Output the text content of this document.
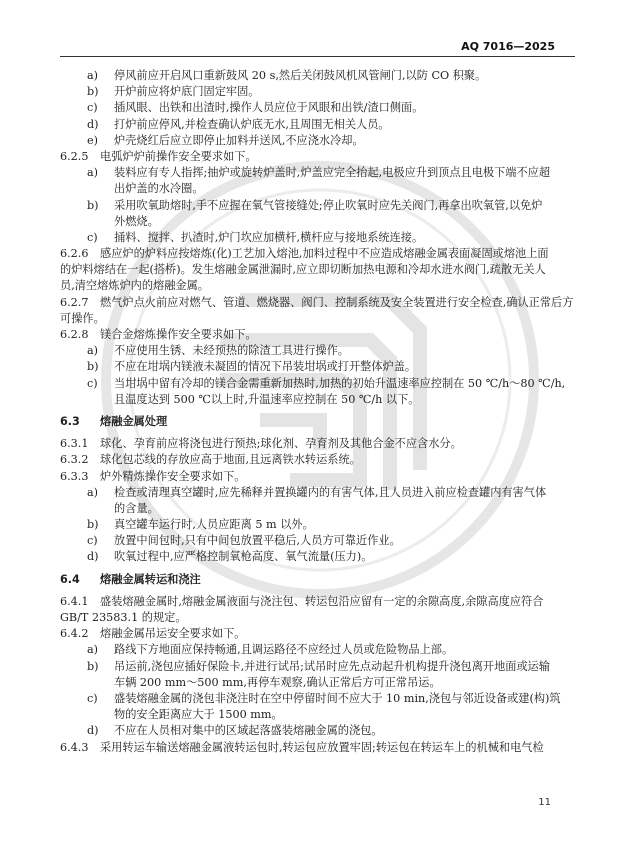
AQ 7016—2025
a) 停风前应开启风口重新鼓风 20 s,然后关闭鼓风机风管闸门,以防 CO 积聚。
b) 开炉前应将炉底门固定牢固。
c) 插风眼、出铁和出渣时,操作人员应位于风眼和出铁/渣口侧面。
d) 打炉前应停风,并检查确认炉底无水,且周围无相关人员。
e) 炉壳烧红后应立即停止加料并送风,不应浇水冷却。
6.2.5 电弧炉炉前操作安全要求如下。
a) 装料应有专人指挥;抽炉或旋转炉盖时,炉盖应完全抬起,电极应升到顶点且电极下端不应超
出炉盖的水冷圈。
b) 采用吹氧助熔时,手不应握在氧气管接缝处;停止吹氧时应先关阀门,再拿出吹氧管,以免炉
外燃烧。
c) 捅料、搅拌、扒渣时,炉门坎应加横杆,横杆应与接地系统连接。
6.2.6 感应炉的炉料应按熔炼(化)工艺加入熔池,加料过程中不应造成熔融金属表面凝固或熔池上面
的炉料熔结在一起(搭桥)。发生熔融金属泄漏时,应立即切断加热电源和冷却水进水阀门,疏散无关人
员,清空熔炼炉内的熔融金属。
6.2.7 燃气炉点火前应对燃气、管道、燃烧器、阀门、控制系统及安全装置进行安全检查,确认正常后方
可操作。
6.2.8 镁合金熔炼操作安全要求如下。
a) 不应使用生锈、未经预热的除渣工具进行操作。
b) 不应在坩埚内镁液未凝固的情况下吊装坩埚或打开整体炉盖。
c) 当坩埚中留有冷却的镁合金需重新加热时,加热的初始升温速率应控制在 50 ℃/h～80 ℃/h,
且温度达到 500 ℃以上时,升温速率应控制在 50 ℃/h 以下。
6.3 熔融金属处理
6.3.1 球化、孕育前应将浇包进行预热;球化剂、孕育剂及其他合金不应含水分。
6.3.2 球化包芯线的存放应高于地面,且远离铁水转运系统。
6.3.3 炉外精炼操作安全要求如下。
a) 检查或清理真空罐时,应先稀释并置换罐内的有害气体,且人员进入前应检查罐内有害气体
的含量。
b) 真空罐车运行时,人员应距离 5 m 以外。
c) 放置中间包时,只有中间包放置平稳后,人员方可靠近作业。
d) 吹氧过程中,应严格控制氧枪高度、氧气流量(压力)。
6.4 熔融金属转运和浇注
6.4.1 盛装熔融金属时,熔融金属液面与浇注包、转运包沿应留有一定的余隙高度,余隙高度应符合
GB/T 23583.1 的规定。
6.4.2 熔融金属吊运安全要求如下。
a) 路线下方地面应保持畅通,且调运路径不应经过人员或危险物品上部。
b) 吊运前,浇包应插好保险卡,并进行试吊;试吊时应先点动起升机构提升浇包离开地面或运输
车辆 200 mm～500 mm,再停车观察,确认正常后方可正常吊运。
c) 盛装熔融金属的浇包非浇注时在空中停留时间不应大于 10 min,浇包与邻近设备或建(构)筑
物的安全距离应大于 1500 mm。
d) 不应在人员相对集中的区域起落盛装熔融金属的浇包。
6.4.3 采用转运车输送熔融金属液转运包时,转运包应放置牢固;转运包在转运车上的机械和电气检
11
